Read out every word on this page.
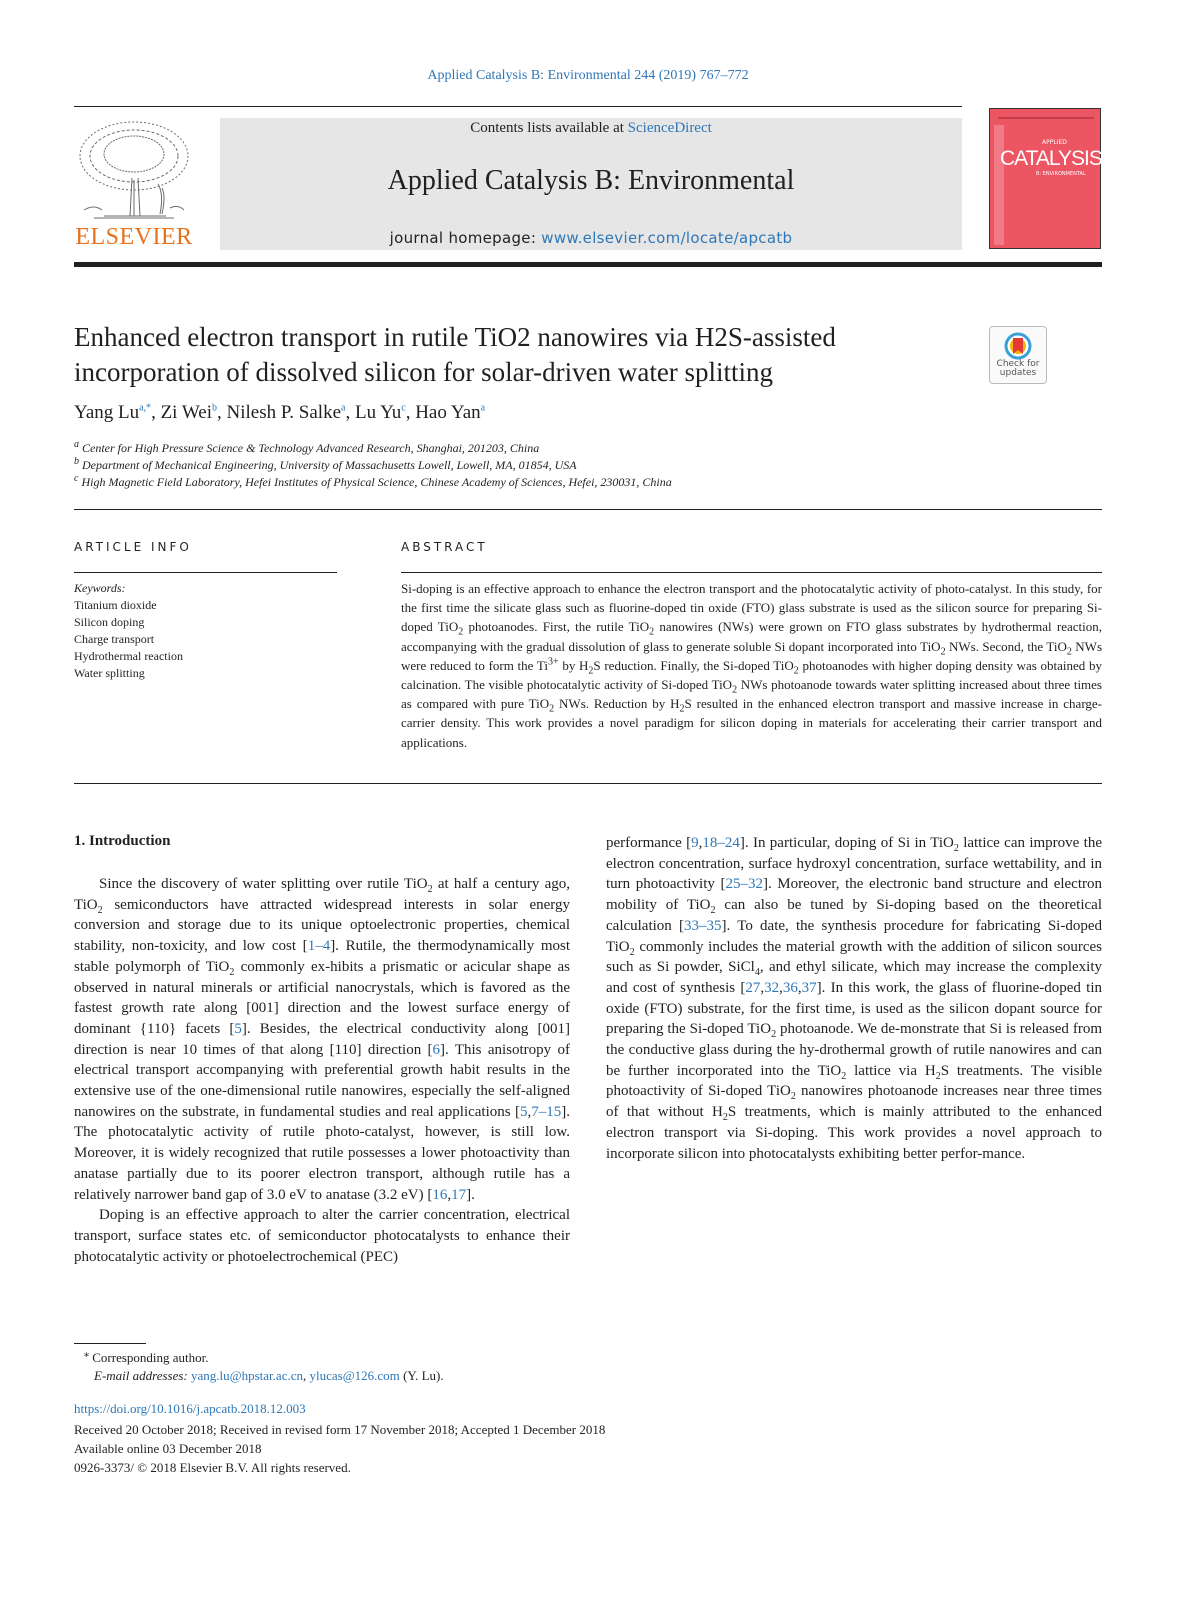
Applied Catalysis B: Environmental 244 (2019) 767–772
ELSEVIER
Contents lists available at ScienceDirect
Applied Catalysis B: Environmental
journal homepage: www.elsevier.com/locate/apcatb
APPLIED
CATALYSIS
B: ENVIRONMENTAL
Enhanced electron transport in rutile TiO2 nanowires via H2S-assisted incorporation of dissolved silicon for solar-driven water splitting	Check for updates
Yang $Lu^{a,*}$, Zi Wei$^b$, Nilesh P. Salke$^a$, Lu Yu$^c$, Hao Yan$^a$
$^a$ Center for High Pressure Science & Technology Advanced Research, Shanghai, 201203, China
$^b$ Department of Mechanical Engineering, University of Massachusetts Lowell, Lowell, MA, 01854, USA
$^c$ High Magnetic Field Laboratory, Hefei Institutes of Physical Science, Chinese Academy of Sciences, Hefei, 230031, China
ARTICLE INFO	ABSTRACT
Keywords:
Titanium dioxide
Silicon doping
Charge transport
Hydrothermal reaction
Water splitting
Si-doping is an effective approach to enhance the electron transport and the photocatalytic activity of photo-catalyst. In this study, for the first time the silicate glass such as fluorine-doped tin oxide (FTO) glass substrate is used as the silicon source for preparing Si-doped TiO$_2$ photoanodes. First, the rutile TiO$_2$ nanowires (NWs) were grown on FTO glass substrates by hydrothermal reaction, accompanying with the gradual dissolution of glass to generate soluble Si dopant incorporated into TiO$_2$ NWs. Second, the TiO$_2$ NWs were reduced to form the $Ti^{3+}$ by $H_2S$ reduction. Finally, the Si-doped TiO$_2$ photoanodes with higher doping density was obtained by calcination. The visible photocatalytic activity of Si-doped TiO$_2$ NWs photoanode towards water splitting increased about three times as compared with pure TiO$_2$ NWs. Reduction by $H_2S$ resulted in the enhanced electron transport and massive increase in charge-carrier density. This work provides a novel paradigm for silicon doping in materials for accelerating their carrier transport and applications.
1. Introduction

Since the discovery of water splitting over rutile TiO$_2$ at half a century ago, TiO$_2$ semiconductors have attracted widespread interests in solar energy conversion and storage due to its unique optoelectronic properties, chemical stability, non-toxicity, and low cost [1–4]. Rutile, the thermodynamically most stable polymorph of TiO$_2$ commonly ex-hibits a prismatic or acicular shape as observed in natural minerals or artificial nanocrystals, which is favored as the fastest growth rate along [001] direction and the lowest surface energy of dominant {110} facets [5]. Besides, the electrical conductivity along [001] direction is near 10 times of that along [110] direction [6]. This anisotropy of electrical transport accompanying with preferential growth habit results in the extensive use of the one-dimensional rutile nanowires, especially the self-aligned nanowires on the substrate, in fundamental studies and real applications [5,7–15]. The photocatalytic activity of rutile photo-catalyst, however, is still low. Moreover, it is widely recognized that rutile possesses a lower photoactivity than anatase partially due to its poorer electron transport, although rutile has a relatively narrower band gap of 3.0 eV to anatase (3.2 eV) [16,17].

Doping is an effective approach to alter the carrier concentration, electrical transport, surface states etc. of semiconductor photocatalysts to enhance their photocatalytic activity or photoelectrochemical (PEC)

performance [9,18–24]. In particular, doping of Si in TiO$_2$ lattice can improve the electron concentration, surface hydroxyl concentration, surface wettability, and in turn photoactivity [25–32]. Moreover, the electronic band structure and electron mobility of TiO$_2$ can also be tuned by Si-doping based on the theoretical calculation [33–35]. To date, the synthesis procedure for fabricating Si-doped TiO$_2$ commonly includes the material growth with the addition of silicon sources such as Si powder, SiCl$_4$, and ethyl silicate, which may increase the complexity and cost of synthesis [27,32,36,37]. In this work, the glass of fluorine-doped tin oxide (FTO) substrate, for the first time, is used as the silicon dopant source for preparing the Si-doped TiO$_2$ photoanode. We de-monstrate that Si is released from the conductive glass during the hy-drothermal growth of rutile nanowires and can be further incorporated into the TiO$_2$ lattice via $H_2S$ treatments. The visible photoactivity of Si-doped TiO$_2$ nanowires photoanode increases near three times of that without $H_2S$ treatments, which is mainly attributed to the enhanced electron transport via Si-doping. This work provides a novel approach to incorporate silicon into photocatalysts exhibiting better perfor-mance.

⁎ Corresponding author.
E-mail addresses: yang.lu@hpstar.ac.cn, ylucas@126.com (Y. Lu).
https://doi.org/10.1016/j.apcatb.2018.12.003
Received 20 October 2018; Received in revised form 17 November 2018; Accepted 1 December 2018
Available online 03 December 2018
0926-3373/ © 2018 Elsevier B.V. All rights reserved.
